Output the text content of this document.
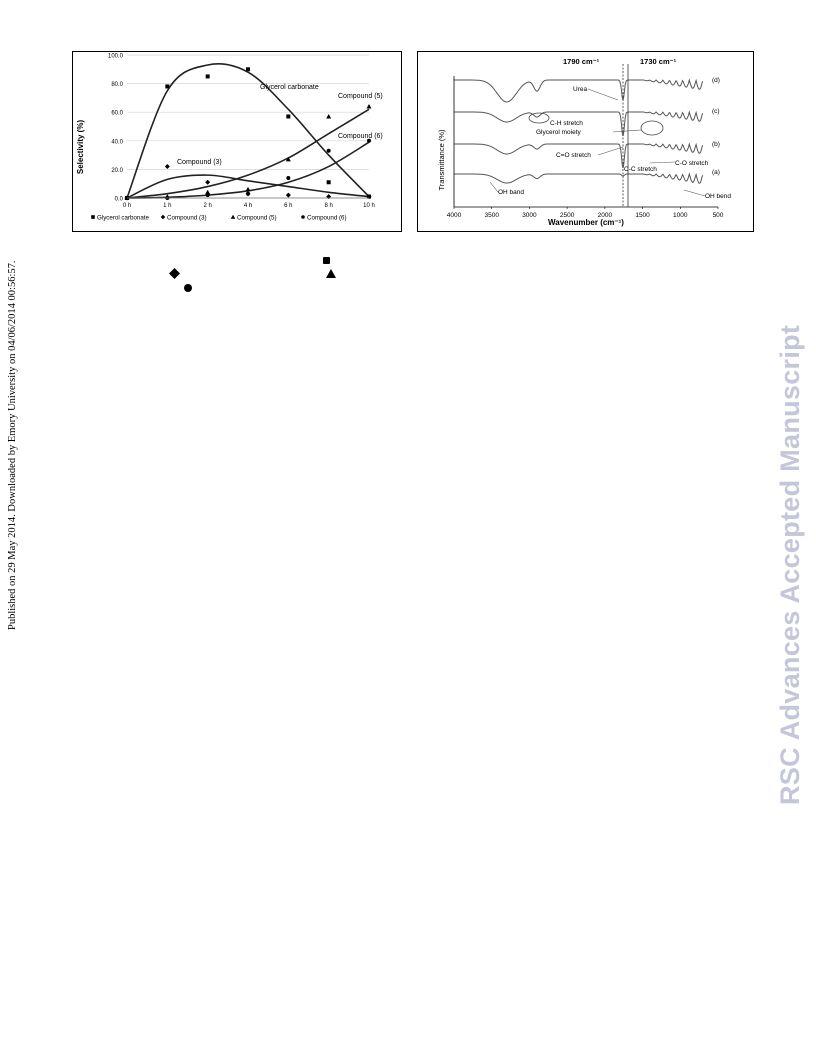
Published on 29 May 2014. Downloaded by Emory University on 04/06/2014 00:56:57.	RSC Advances Accepted Manuscript
0.0
20.0
40.0
60.0
80.0
100.0
0 h	1 h	2 h	4 h	6 h	8 h	10 h
Selectivity (%)
Glycerol carbonate
Compound (5)
Compound (6)
Compound (3)
Glycerol carbonate	Compound (3)	Compound (5)	Compound (6)	4000	3500	3000	2500	2000	1500	1000	500
1790 cm⁻¹	1730 cm⁻¹
Transmittance (%)
Wavenumber (cm⁻¹)
(d)
(c)
(b)
(a)
Urea
C-H stretch
Glycerol moiety
C=O stretch
C-C stretch
C-O stretch
OH band
OH bend
